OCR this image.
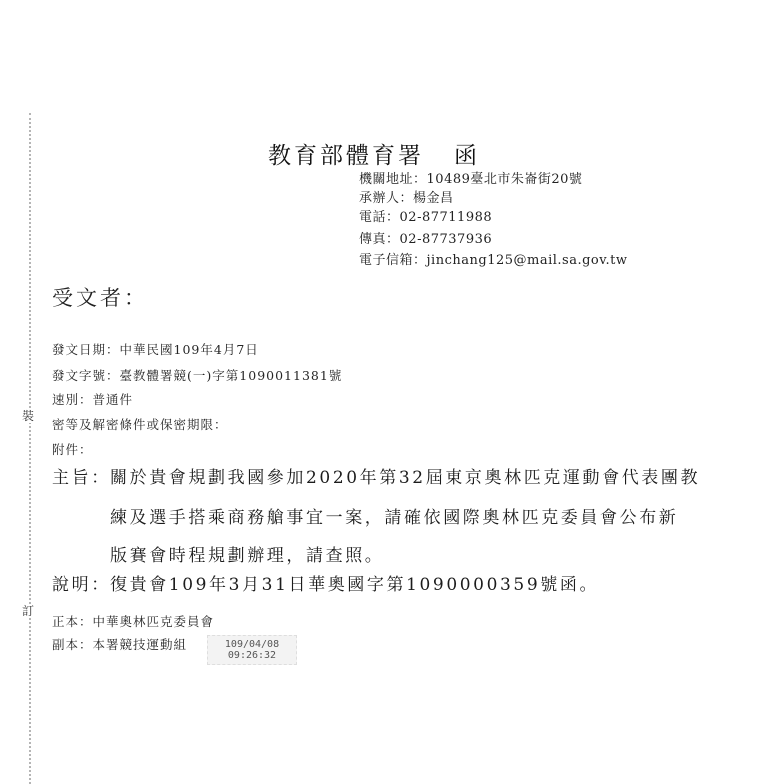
裝
訂
教育部體育署 函
機關地址：10489臺北市朱崙街20號
承辦人：楊金昌
電話：02-87711988
傳真：02-87737936
電子信箱：jinchang125@mail.sa.gov.tw
受文者：
發文日期：中華民國109年4月7日
發文字號：臺教體署競(一)字第1090011381號
速別：普通件
密等及解密條件或保密期限：
附件：
主旨： 關於貴會規劃我國參加2020年第32屆東京奧林匹克運動會代表團教
練及選手搭乘商務艙事宜一案，請確依國際奧林匹克委員會公布新
版賽會時程規劃辦理，請查照。
說明： 復貴會109年3月31日華奧國字第1090000359號函。
正本：中華奧林匹克委員會
副本：本署競技運動組	109/04/08
09:26:32
